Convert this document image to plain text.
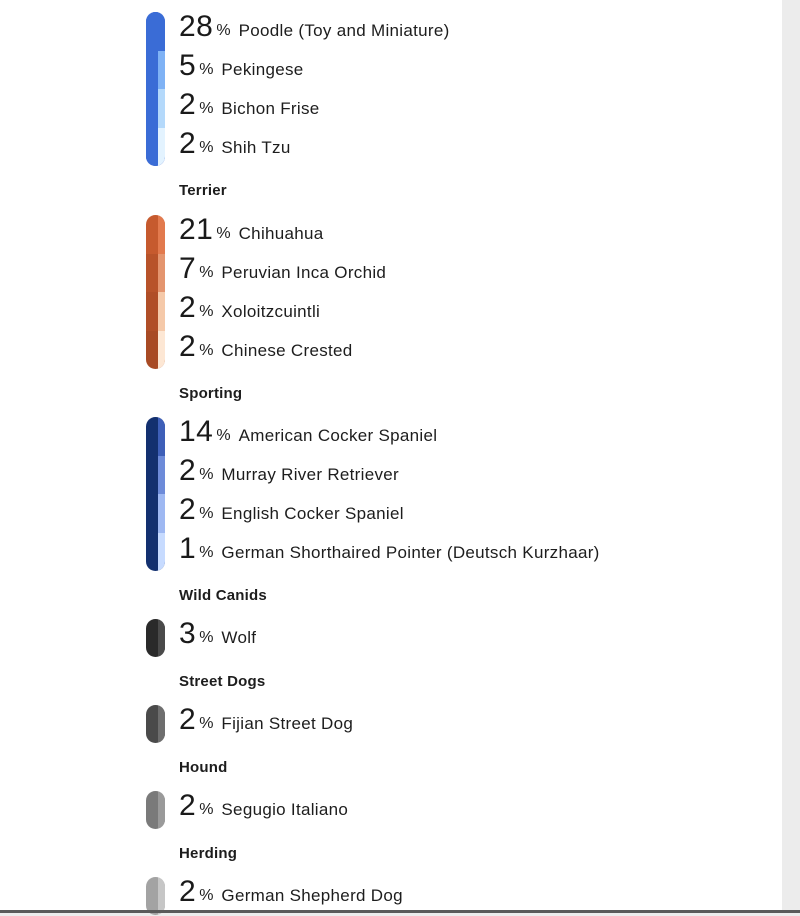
28 % Poodle (Toy and Miniature)
5 % Pekingese
2 % Bichon Frise
2 % Shih Tzu
Terrier
21 % Chihuahua
7 % Peruvian Inca Orchid
2 % Xoloitzcuintli
2 % Chinese Crested
Sporting
14 % American Cocker Spaniel
2 % Murray River Retriever
2 % English Cocker Spaniel
1 % German Shorthaired Pointer (Deutsch Kurzhaar)
Wild Canids
3 % Wolf
Street Dogs
2 % Fijian Street Dog
Hound
2 % Segugio Italiano
Herding
2 % German Shepherd Dog
